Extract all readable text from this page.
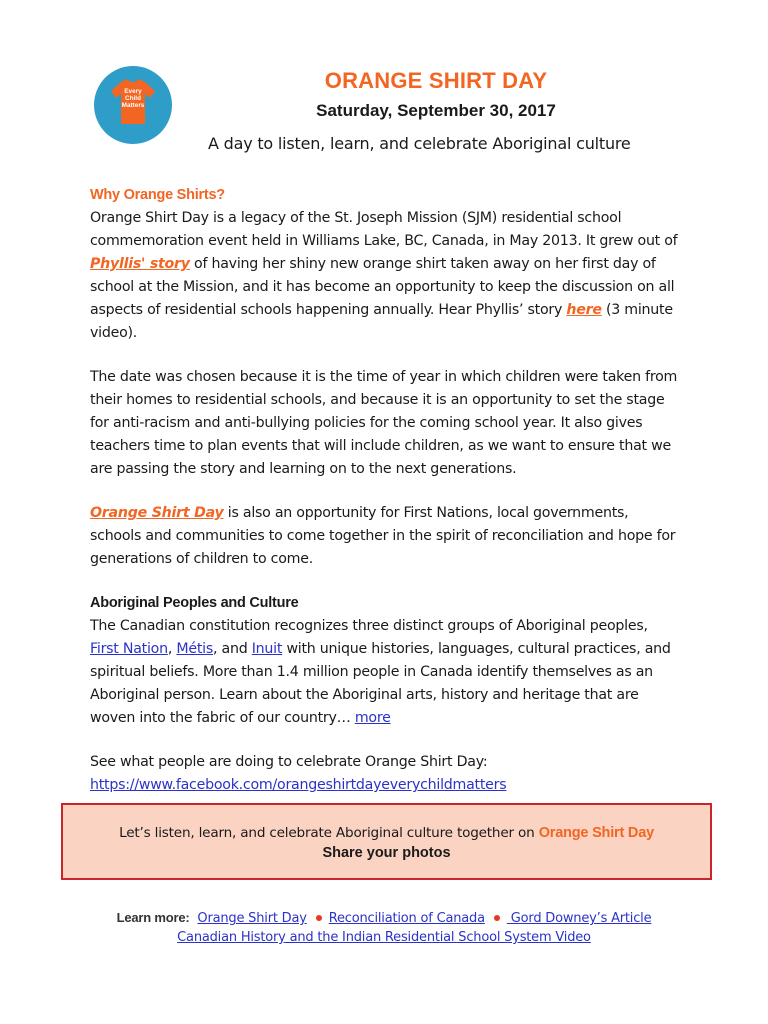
Every
Child
Matters
ORANGE SHIRT DAY
Saturday, September 30, 2017
A day to listen, learn, and celebrate Aboriginal culture
Why Orange Shirts?

Orange Shirt Day is a legacy of the St. Joseph Mission (SJM) residential school commemoration event held in Williams Lake, BC, Canada, in May 2013. It grew out of Phyllis' story of having her shiny new orange shirt taken away on her first day of school at the Mission, and it has become an opportunity to keep the discussion on all aspects of residential schools happening annually. Hear Phyllis’ story here (3 minute video).

The date was chosen because it is the time of year in which children were taken from their homes to residential schools, and because it is an opportunity to set the stage for anti-racism and anti-bullying policies for the coming school year. It also gives teachers time to plan events that will include children, as we want to ensure that we are passing the story and learning on to the next generations.

Orange Shirt Day is also an opportunity for First Nations, local governments, schools and communities to come together in the spirit of reconciliation and hope for generations of children to come.

Aboriginal Peoples and Culture

The Canadian constitution recognizes three distinct groups of Aboriginal peoples, First Nation, Métis, and Inuit with unique histories, languages, cultural practices, and spiritual beliefs. More than 1.4 million people in Canada identify themselves as an Aboriginal person. Learn about the Aboriginal arts, history and heritage that are woven into the fabric of our country… more

See what people are doing to celebrate Orange Shirt Day:

https://www.facebook.com/orangeshirtdayeverychildmatters

Let’s listen, learn, and celebrate Aboriginal culture together on Orange Shirt Day
Share your photos
Learn more: Orange Shirt Day Reconciliation of Canada Gord Downey’s Article
Canadian History and the Indian Residential School System Video
